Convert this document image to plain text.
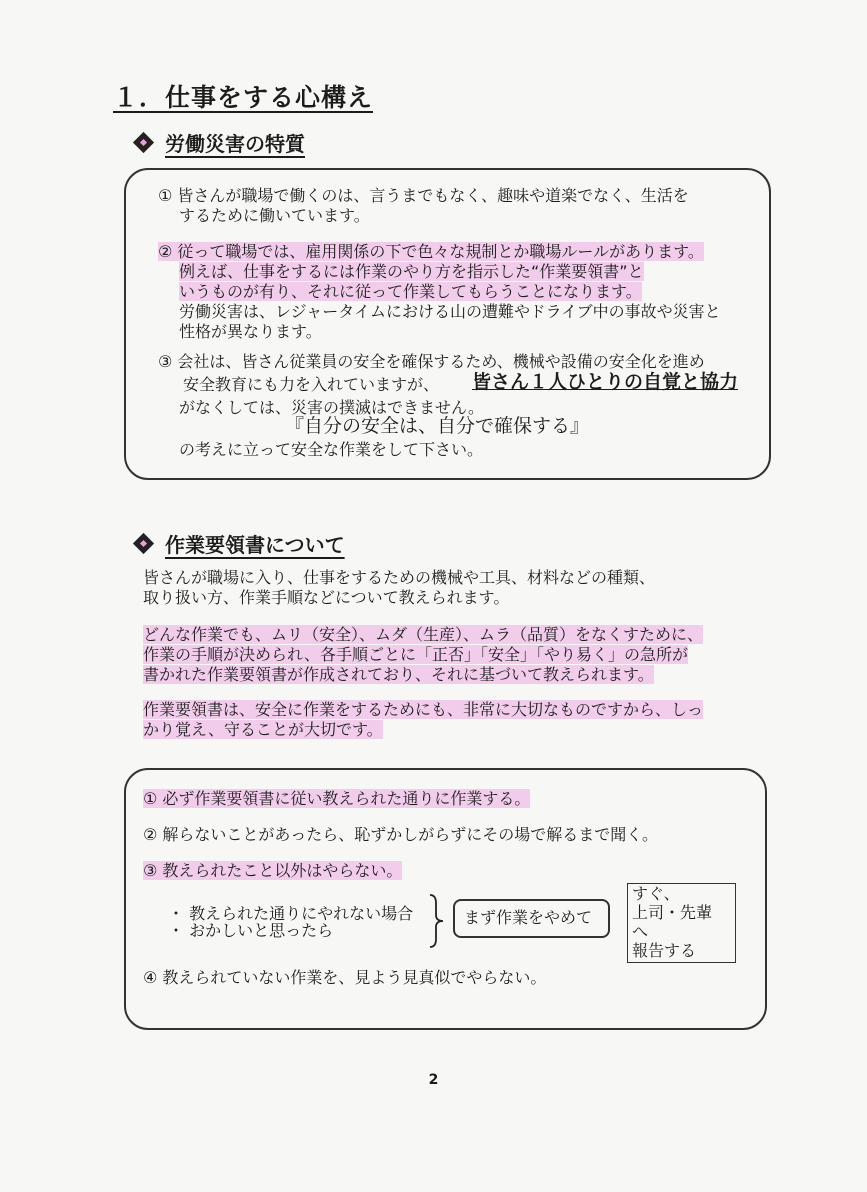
１．仕事をする心構え
労働災害の特質
① 皆さんが職場で働くのは、言うまでもなく、趣味や道楽でなく、生活を
するために働いています。
② 従って職場では、雇用関係の下で色々な規制とか職場ルールがあります。
例えば、仕事をするには作業のやり方を指示した“作業要領書”と
いうものが有り、それに従って作業してもらうことになります。
労働災害は、レジャータイムにおける山の遭難やドライブ中の事故や災害と
性格が異なります。
③ 会社は、皆さん従業員の安全を確保するため、機械や設備の安全化を進め
安全教育にも力を入れていますが、 皆さん１人ひとりの自覚と協力
がなくしては、災害の撲滅はできません。
『自分の安全は、自分で確保する』
の考えに立って安全な作業をして下さい。
作業要領書について
皆さんが職場に入り、仕事をするための機械や工具、材料などの種類、
取り扱い方、作業手順などについて教えられます。
どんな作業でも、ムリ（安全）、ムダ（生産）、ムラ（品質）をなくすために、
作業の手順が決められ、各手順ごとに「正否」「安全」「やり易く」の急所が
書かれた作業要領書が作成されており、それに基づいて教えられます。
作業要領書は、安全に作業をするためにも、非常に大切なものですから、しっ
かり覚え、守ることが大切です。
① 必ず作業要領書に従い教えられた通りに作業する。
② 解らないことがあったら、恥ずかしがらずにその場で解るまで聞く。
③ 教えられたこと以外はやらない。
・ 教えられた通りにやれない場合
・ おかしいと思ったら
まず作業をやめて
すぐ、
上司・先輩
へ
報告する
④ 教えられていない作業を、見よう見真似でやらない。
2
